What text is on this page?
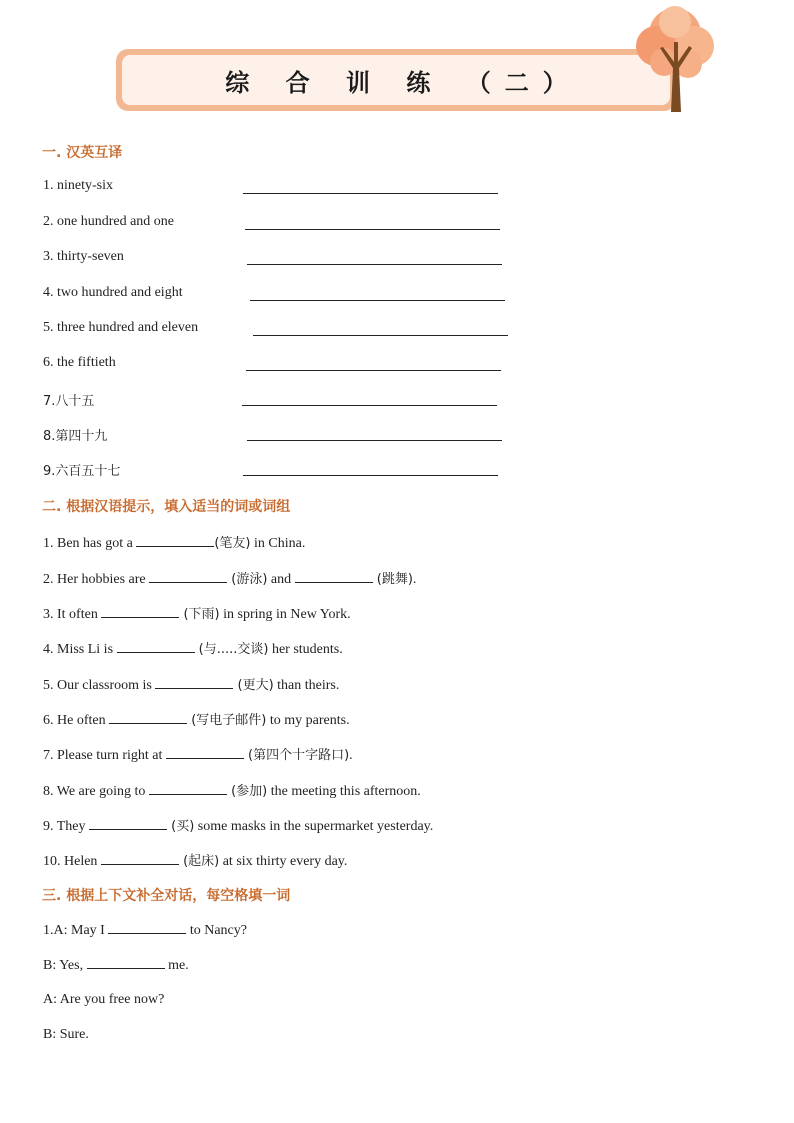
综 合 训 练 （二）
一. 汉英互译
1. ninety-six
2. one hundred and one
3. thirty-seven
4. two hundred and eight
5. three hundred and eleven
6. the fiftieth
7.八十五
8.第四十九
9.六百五十七
二. 根据汉语提示，填入适当的词或词组
1. Ben has got a	(笔友) in China.
2. Her hobbies are	(游泳) and	(跳舞).
3. It often	(下雨) in spring in New York.
4. Miss Li is	(与.....交谈) her students.
5. Our classroom is	(更大) than theirs.
6. He often	(写电子邮件) to my parents.
7. Please turn right at	(第四个十字路口).
8. We are going to	(参加) the meeting this afternoon.
9. They	(买) some masks in the supermarket yesterday.
10. Helen	(起床) at six thirty every day.
三. 根据上下文补全对话，每空格填一词
1.A: May I	to Nancy?
B: Yes,	me.
A: Are you free now?
B: Sure.
